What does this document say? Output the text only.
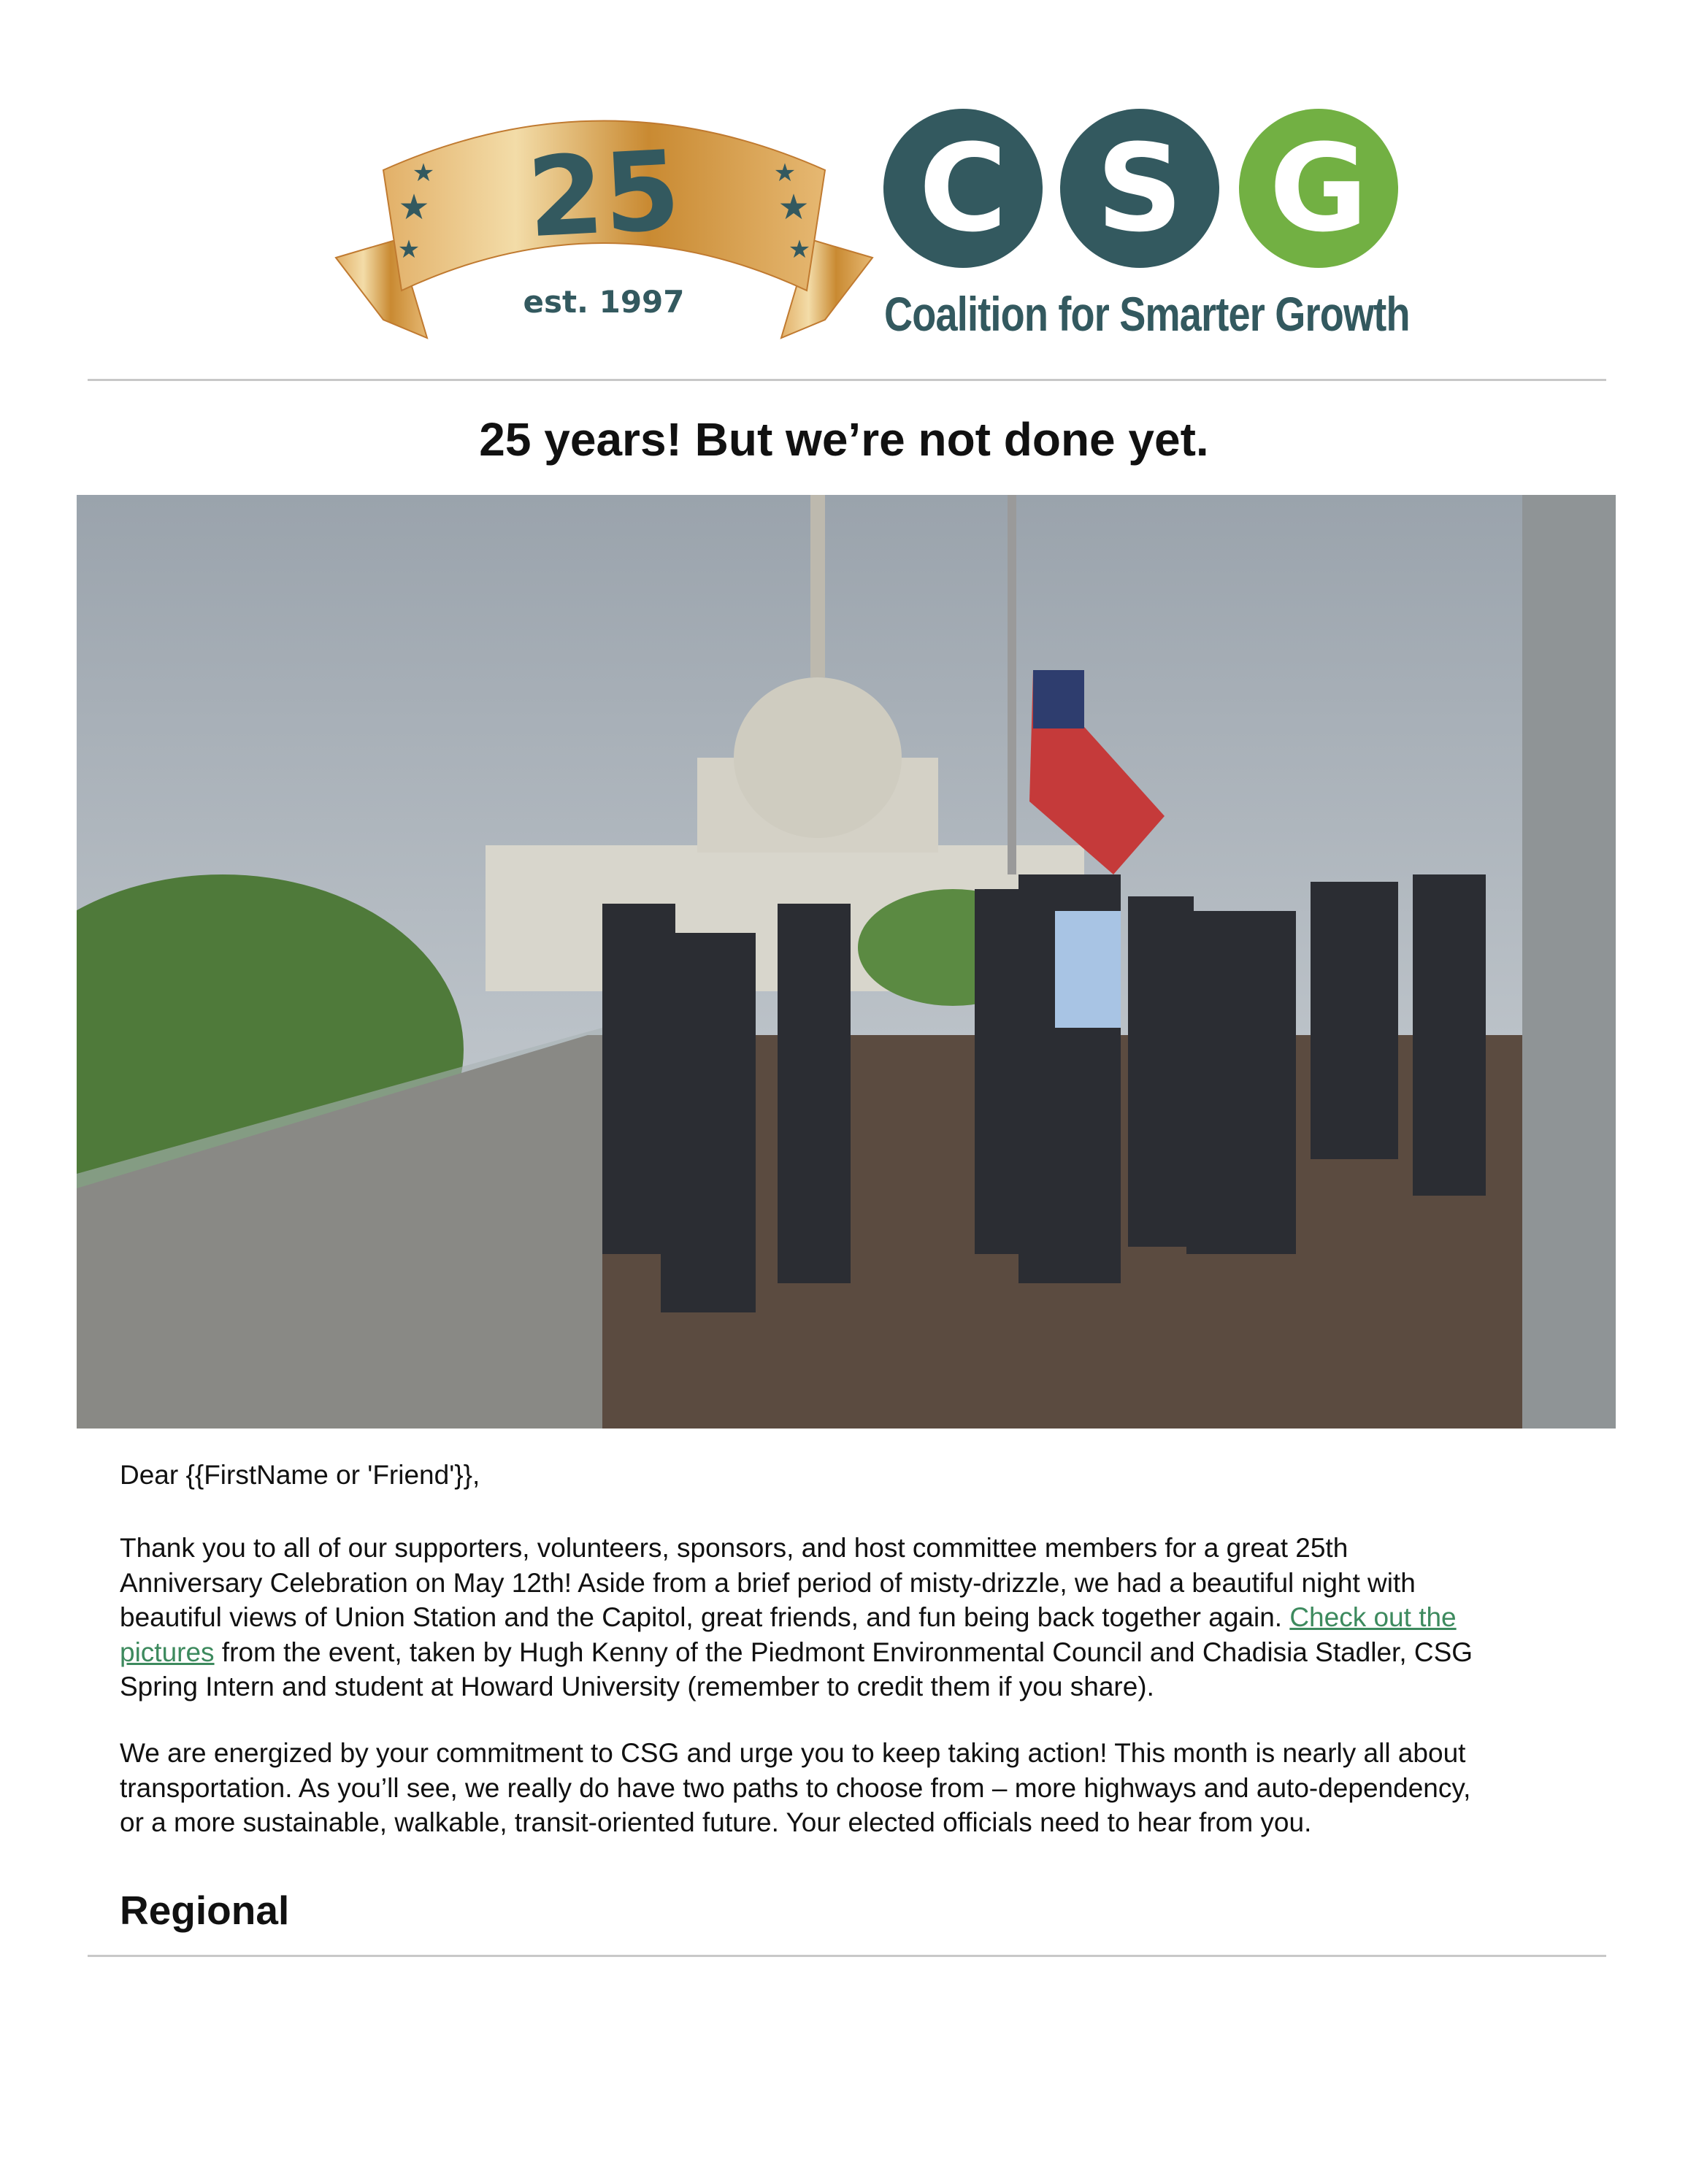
25
est. 1997
★
★
★
★
★
★ C S G
Coalition for Smarter Growth
25 years! But we’re not done yet.
Dear {{FirstName or 'Friend'}},
Thank you to all of our supporters, volunteers, sponsors, and host committee members for a great 25th
Anniversary Celebration on May 12th! Aside from a brief period of misty-drizzle, we had a beautiful night with
beautiful views of Union Station and the Capitol, great friends, and fun being back together again. Check out the
pictures from the event, taken by Hugh Kenny of the Piedmont Environmental Council and Chadisia Stadler, CSG
Spring Intern and student at Howard University (remember to credit them if you share).
We are energized by your commitment to CSG and urge you to keep taking action! This month is nearly all about
transportation. As you’ll see, we really do have two paths to choose from – more highways and auto-dependency,
or a more sustainable, walkable, transit-oriented future. Your elected officials need to hear from you.
Regional
